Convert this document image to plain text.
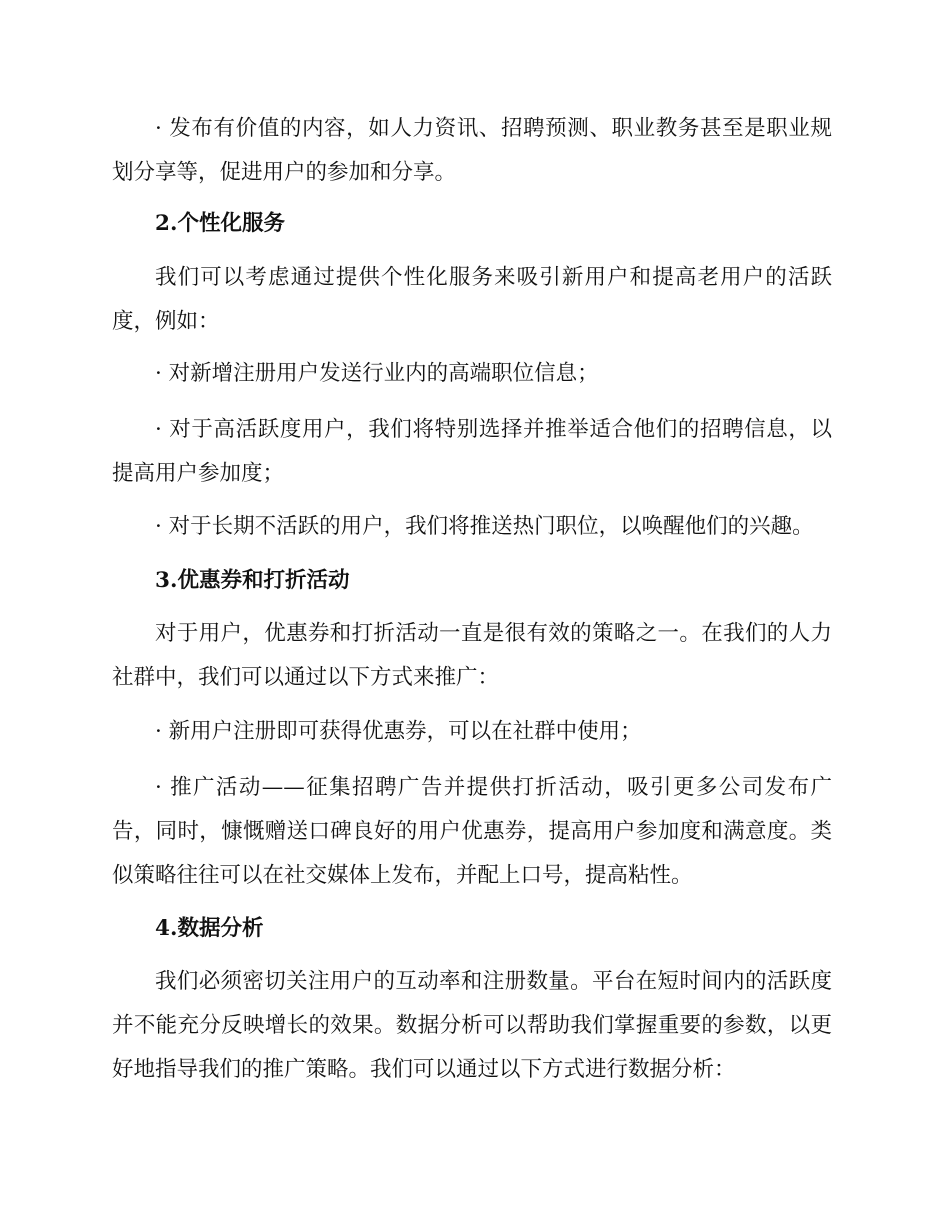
· 发布有价值的内容，如人力资讯、招聘预测、职业教务甚至是职业规划分享等，促进用户的参加和分享。

2.个性化服务

我们可以考虑通过提供个性化服务来吸引新用户和提高老用户的活跃度，例如：

· 对新增注册用户发送行业内的高端职位信息；

· 对于高活跃度用户，我们将特别选择并推举适合他们的招聘信息，以提高用户参加度；

· 对于长期不活跃的用户，我们将推送热门职位，以唤醒他们的兴趣。

3.优惠券和打折活动

对于用户，优惠券和打折活动一直是很有效的策略之一。在我们的人力社群中，我们可以通过以下方式来推广：

· 新用户注册即可获得优惠券，可以在社群中使用；

· 推广活动——征集招聘广告并提供打折活动，吸引更多公司发布广告，同时，慷慨赠送口碑良好的用户优惠券，提高用户参加度和满意度。类似策略往往可以在社交媒体上发布，并配上口号，提高粘性。

4.数据分析

我们必须密切关注用户的互动率和注册数量。平台在短时间内的活跃度并不能充分反映增长的效果。数据分析可以帮助我们掌握重要的参数，以更好地指导我们的推广策略。我们可以通过以下方式进行数据分析：
